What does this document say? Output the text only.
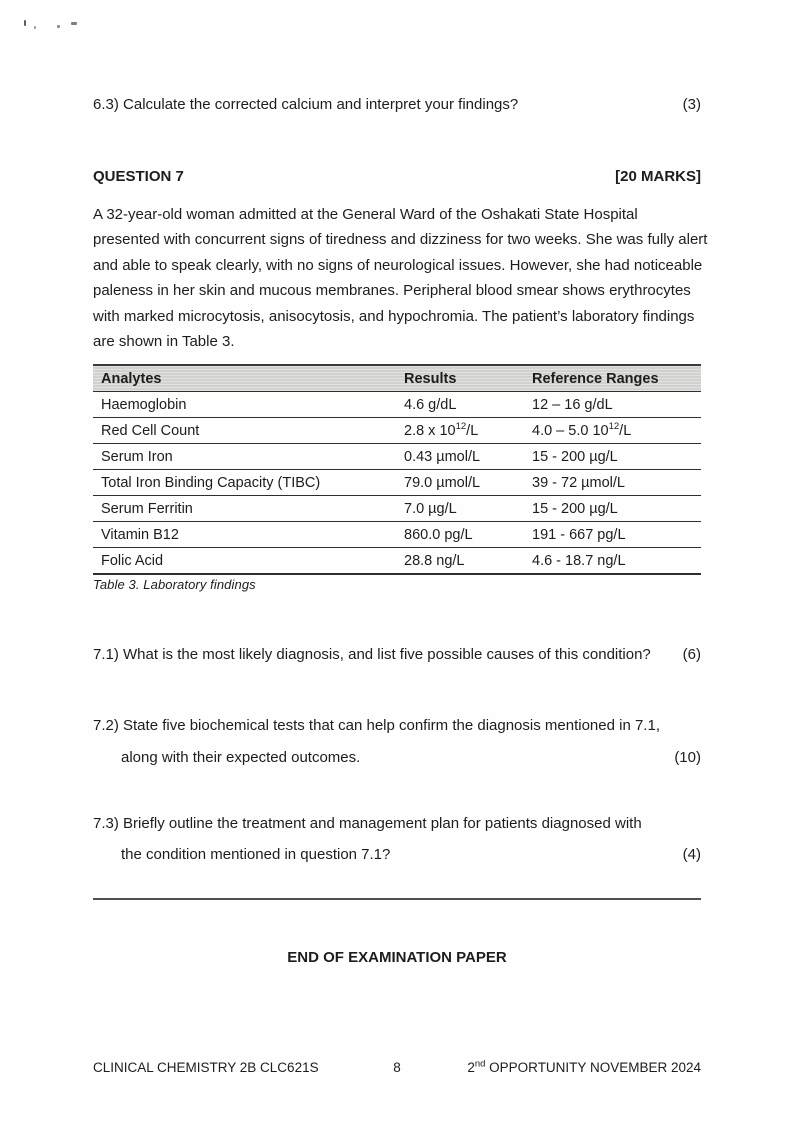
6.3) Calculate the corrected calcium and interpret your findings?	(3)
QUESTION 7	[20 MARKS]
A 32-year-old woman admitted at the General Ward of the Oshakati State Hospital
presented with concurrent signs of tiredness and dizziness for two weeks. She was fully alert
and able to speak clearly, with no signs of neurological issues. However, she had noticeable
paleness in her skin and mucous membranes. Peripheral blood smear shows erythrocytes
with marked microcytosis, anisocytosis, and hypochromia. The patient’s laboratory findings
are shown in Table 3.
Analytes	Results	Reference Ranges
Haemoglobin	4.6 g/dL	12 – 16 g/dL
Red Cell Count	2.8 x $10^{12}/L$	4.0 – 5.0 $10^{12}/L$
Serum Iron	0.43 µmol/L	15 - 200 µg/L
Total Iron Binding Capacity (TIBC)	79.0 µmol/L	39 - 72 µmol/L
Serum Ferritin	7.0 µg/L	15 - 200 µg/L
Vitamin B12	860.0 pg/L	191 - 667 pg/L
Folic Acid	28.8 ng/L	4.6 - 18.7 ng/L
Table 3. Laboratory findings
7.1) What is the most likely diagnosis, and list five possible causes of this condition? (6)
7.2) State five biochemical tests that can help confirm the diagnosis mentioned in 7.1,
along with their expected outcomes.	(10)
7.3) Briefly outline the treatment and management plan for patients diagnosed with
the condition mentioned in question 7.1?	(4)
END OF EXAMINATION PAPER
CLINICAL CHEMISTRY 2B CLC621S	8	2nd OPPORTUNITY NOVEMBER 2024
